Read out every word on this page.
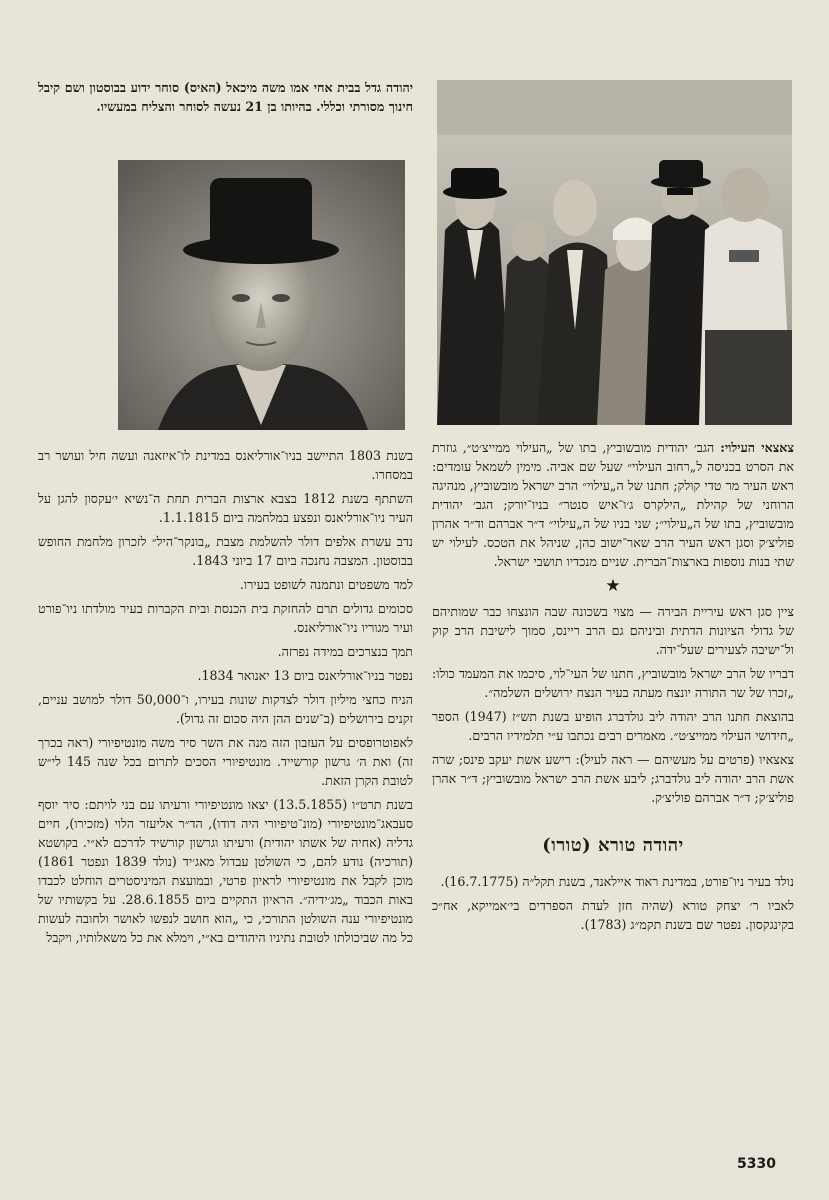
יהודה גדל בבית אחי אמו משה מיכאל (האיס) סוחר ידוע בבוסטון ושם קיבל חינוך מסורתי וכללי. בהיותו בן 21 נעשה לסוחר והצליח במעשיו.

צאצאי העילוי: הגב׳ יהודית מובשוביץ, בתו של „העילוי ממייצ׳ט״, גוזרת את הסרט בכניסה ל„רחוב העילוי״ שעל שם אביה. מימין לשמאל עומדים: ראש העיר מר טדי קולק; חתנו של ה„עילוי״ הרב ישראל מובשוביץ, מנהיגה הרוחני של קהילת „הילקרס ג׳ו־איש סנטר״ בניו־יורק; הגב׳ יהודית מובשוביץ, בתו של ה„עילוי״; שני בניו של ה„עילוי״ ד״ר אברהם וד״ר אהרון פוליצ׳ק וסגן ראש העיר הרב שאר־ישוב כהן, שניהל את הטכס. לעילוי יש שתי בנות נוספות בארצות־הברית. שניים מנכדיו תושבי ישראל.

★

ציין סגן ראש עיריית הבירה — מצוי בשכונה שבה הונצחו כבר שמותיהם של גדולי הציונות הדתית וביניהם גם הרב ריינס, סמוך לישיבת הרב קוק ול־ישיבה לצעירים שעל־ידה.

דבריו של הרב ישראל מובשוביץ, חתנו של העי־לוי, סיכמו את המעמד כולו: „זכרו של שר התורה יונצח מעתה בעיר הנצח ירושלים השלמה״.

בהוצאת חתנו הרב יהודה ליב גולדברג הופיע בשנת תש״ז (1947) הספר „חידושי העילוי ממייצ׳ט״. מאמרים רבים נכתבו ע״י תלמידיו הרבים.

צאצאיו (פרטים על מעשיהם — ראה לעיל): רישע אשת יעקב פינס; שרה אשת הרב יהודה ליב גולדברג; ליבע אשת הרב ישראל מובשוביץ; ד״ר אהרן פוליצ׳ק; ד״ר אברהם פוליצ׳ק.

יהודה טורא (טורו)

נולד בעיר ניו־פורט, במדינת ראוד איילאנד, בשנת תקל״ה (16.7.1775).

לאביו ר׳ יצחק טורא (שהיה חזן לעדת הספרדים בי׳אמייקא, אח״כ בקינגקסון. נפטר שם בשנת תקמ״ג (1783).

בשנת 1803 התיישב בניו־אורליאנס במדינת לו־איזאנה ועשה חיל ועושר רב במסחרו.

השתתף בשנת 1812 בצבא ארצות הברית תחת ה־נשיא י׳עקסון להגן על העיר ניו־אורליאנס ונפצע במלחמה ביום 1.1.1815.

נדב עשרת אלפים דולר להשלמת מצבת „בונקר־היל״ לזכרון מלחמת החופש בבוסטון. המצבה נחנכה ביום 17 ביוני 1843.

למד משפטים ונתמנה לשופט בעירו.

סכומים גדולים תרם להחזקת בית הכנסת ובית הקברות בעיר מולדתו ניו־פורט ועיר מגוריו ניו־אורליאנס.

תמך בנצרכים במידה נפרזה.

נפטר בניו־אורליאנס ביום 13 יאנואר 1834.

הניח כחצי מיליון דולר לצדקות שונות בעירו, ו־50,000 דולר למושב עניים, זקנים בירושלים (ב־שנים ההן היה סכום זה גדול).

לאפוטרופסים על העזבון הזה מנה את השר סיר משה מונטיפיורי (ראה בכרך זה) ואת ה׳ גרשון קורשייד. מונטיפיורי הסכים לתרום בכל שנה 145 לי״ש לטובת הקרן הזאת.

בשנת תרט״ו (13.5.1855) יצאו מונטיפיורי ורעיתו עם בני לויתם: סיר יוסף סעבאג־מונטיפיורי (מונ־טיפיורי היה דודו), הד״ר אליעזר הלוי (מזכירו), חיים גדליה (אחיה של אשתו יהודית) ורעיתו וגרשון קורשיד לדרכם לא״י. בקושטא (תורכיה) נודע להם, כי השולטן עבדול מאג׳יד (נולד 1839 ונפטר 1861) מוכן לקבל את מונטיפיורי לראיון פרטי, ובמועצת המיניסטרים הוחלט לכבדו באות הכבוד „מג׳ידיה״. הראיון התקיים ביום 28.6.1855. על בקשותיו של מונטיפיורי ענה השולטן התורכי, כי „הוא חושב לנפשו לאושר ולחובה לעשות כל מה שביכולתו לטובת נתיניו היהודים בא״י, וימלא את כל משאלותיו, ויקבל

5330
